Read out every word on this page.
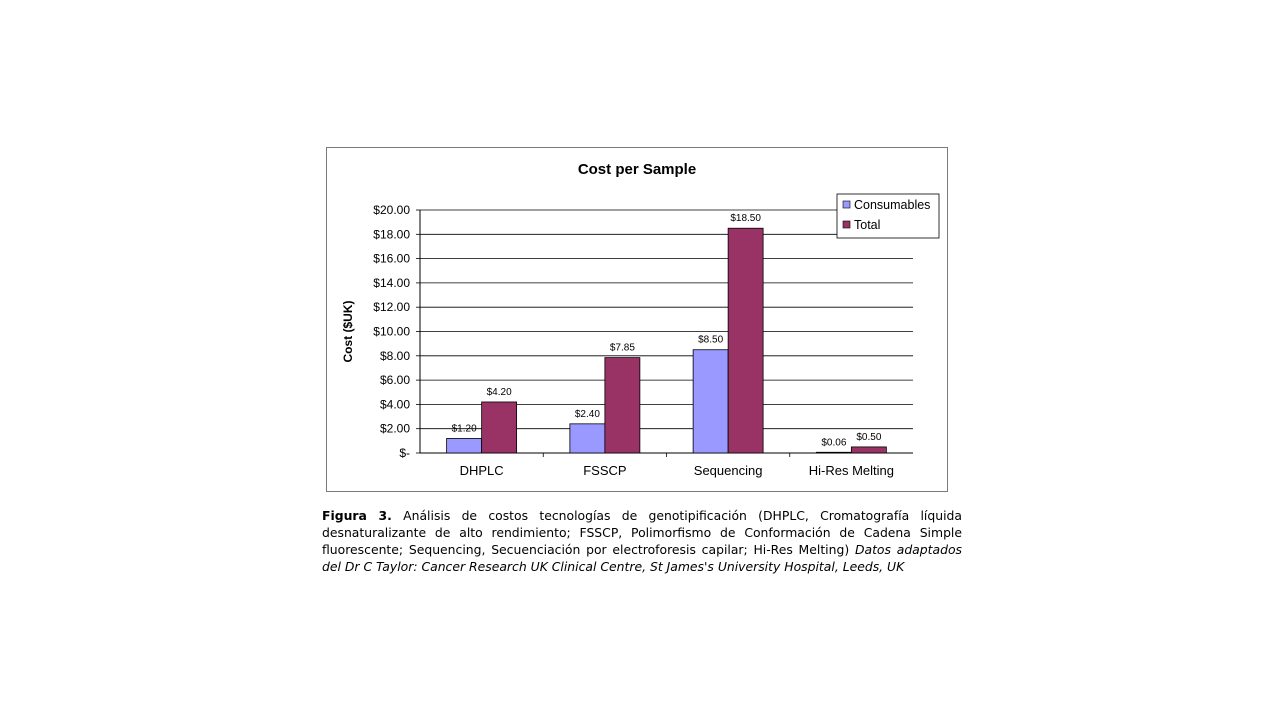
Cost per Sample
$-
$2.00
$4.00
$6.00
$8.00
$10.00
$12.00
$14.00
$16.00
$18.00
$20.00
Cost ($UK)
DHPLC
$1.20
$4.20
FSSCP
$2.40
$7.85
Sequencing
$8.50
$18.50
Hi-Res Melting
$0.06 $0.50
Consumables
Total

Figura 3. Análisis de costos tecnologías de genotipificación (DHPLC, Cromatografía líquida desnaturalizante de alto rendimiento; FSSCP, Polimorfismo de Conformación de Cadena Simple fluorescente; Sequencing, Secuenciación por electroforesis capilar; Hi-Res Melting) Datos adaptados del Dr C Taylor: Cancer Research UK Clinical Centre, St James's University Hospital, Leeds, UK
